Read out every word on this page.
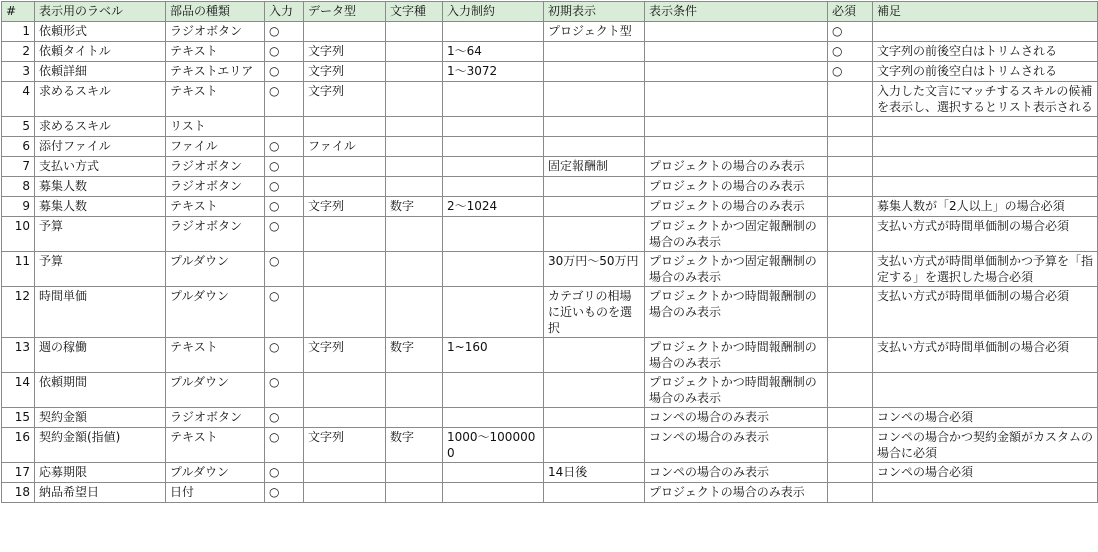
#	表示用のラベル	部品の種類	入力	データ型	文字種	入力制約	初期表示	表示条件	必須	補足
1	依頼形式	ラジオボタン	○				プロジェクト型		○	
2	依頼タイトル	テキスト	○	文字列		1〜64			○	文字列の前後空白はトリムされる
3	依頼詳細	テキストエリア	○	文字列		1〜3072			○	文字列の前後空白はトリムされる
4	求めるスキル	テキスト	○	文字列						入力した文言にマッチするスキルの候補を表示し、選択するとリスト表示される
5	求めるスキル	リスト								
6	添付ファイル	ファイル	○	ファイル						
7	支払い方式	ラジオボタン	○				固定報酬制	プロジェクトの場合のみ表示		
8	募集人数	ラジオボタン	○					プロジェクトの場合のみ表示		
9	募集人数	テキスト	○	文字列	数字	2〜1024		プロジェクトの場合のみ表示		募集人数が「2人以上」の場合必須
10	予算	ラジオボタン	○					プロジェクトかつ固定報酬制の場合のみ表示		支払い方式が時間単価制の場合必須
11	予算	プルダウン	○				30万円〜50万円	プロジェクトかつ固定報酬制の場合のみ表示		支払い方式が時間単価制かつ予算を「指定する」を選択した場合必須
12	時間単価	プルダウン	○				カテゴリの相場に近いものを選択	プロジェクトかつ時間報酬制の場合のみ表示		支払い方式が時間単価制の場合必須
13	週の稼働	テキスト	○	文字列	数字	1~160		プロジェクトかつ時間報酬制の場合のみ表示		支払い方式が時間単価制の場合必須
14	依頼期間	プルダウン	○					プロジェクトかつ時間報酬制の場合のみ表示		
15	契約金額	ラジオボタン	○					コンペの場合のみ表示		コンペの場合必須
16	契約金額(指値)	テキスト	○	文字列	数字	1000〜1000000		コンペの場合のみ表示		コンペの場合かつ契約金額がカスタムの場合に必須
17	応募期限	プルダウン	○				14日後	コンペの場合のみ表示		コンペの場合必須
18	納品希望日	日付	○					プロジェクトの場合のみ表示		
